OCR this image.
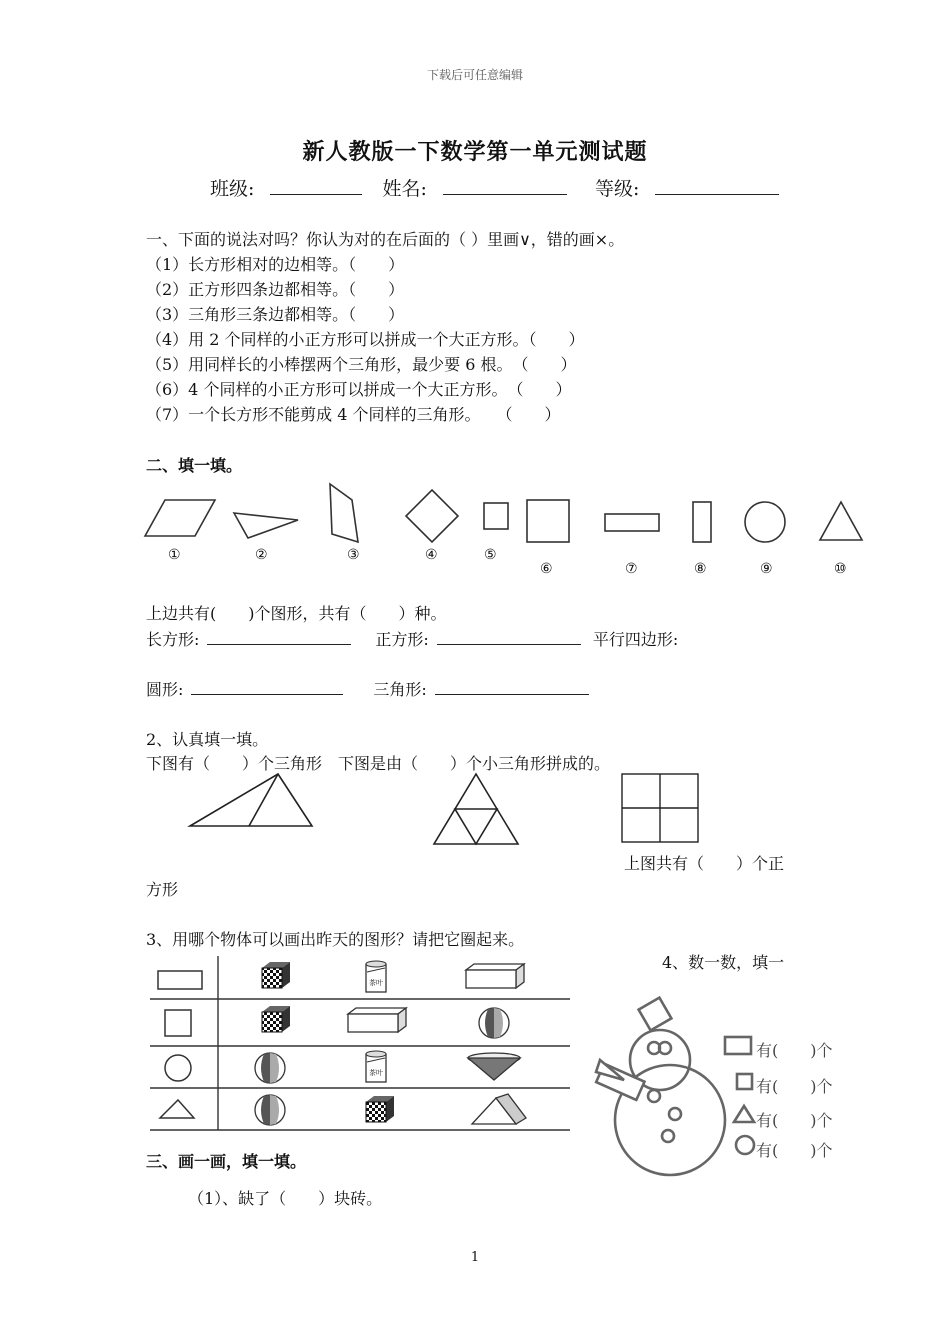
下载后可任意编辑
新人教版一下数学第一单元测试题
班级:	姓名:	等级:
一、下面的说法对吗？你认为对的在后面的（ ）里画∨，错的画×。
（1）长方形相对的边相等。（　　）
（2）正方形四条边都相等。（　　）
（3）三角形三条边都相等。（　　）
（4）用 2 个同样的小正方形可以拼成一个大正方形。（　　）
（5）用同样长的小棒摆两个三角形，最少要 6 根。　（　　）
（6）4 个同样的小正方形可以拼成一个大正方形。　（　　）
（7）一个长方形不能剪成 4 个同样的三角形。　　（　　）
二、填一填。
①	②	③	④	⑤
⑥	⑦	⑧	⑨	⑩
上边共有(　　)个图形，共有（　　）种。
长方形:	正方形:	平行四边形:
圆形:	三角形:
2、认真填一填。
下图有（　　）个三角形　下图是由（　　）个小三角形拼成的。
上图共有（　　）个正
方形
3、用哪个物体可以画出昨天的图形？请把它圈起来。
4、数一数，填一
茶叶
茶叶
有(　　)个
有(　　)个
有(　　)个
有(　　)个
三、画一画，填一填。
（1）、缺了（　　）块砖。
1
